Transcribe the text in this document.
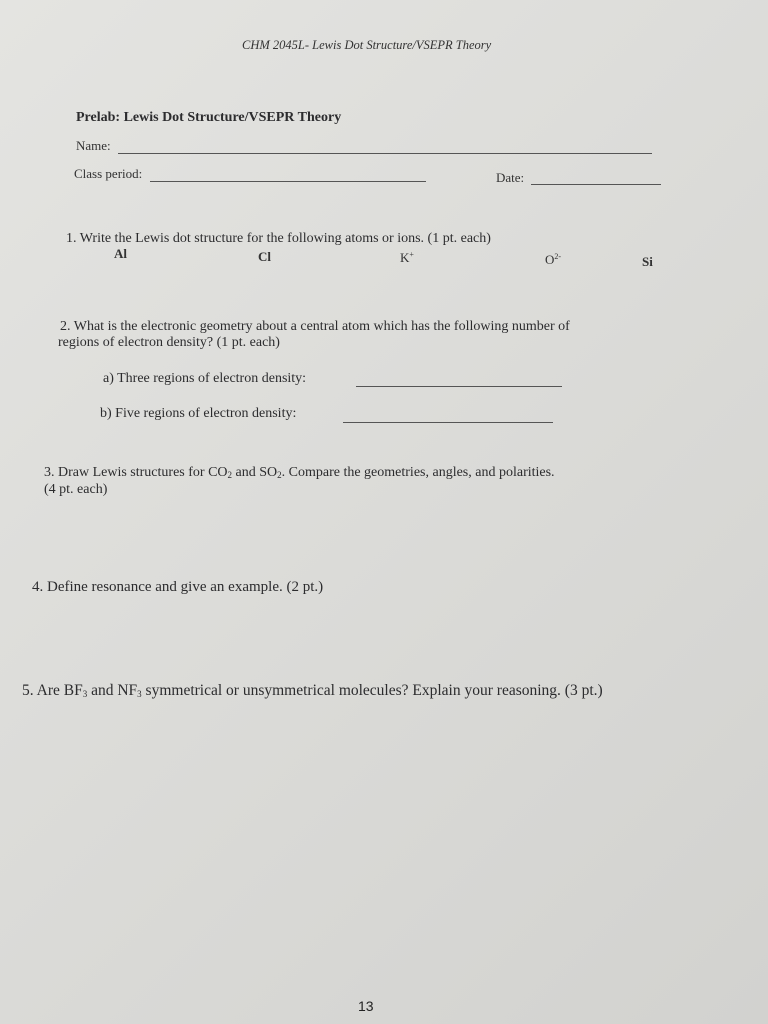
CHM 2045L- Lewis Dot Structure/VSEPR Theory
Prelab: Lewis Dot Structure/VSEPR Theory
Name:
Class period:	Date:
1. Write the Lewis dot structure for the following atoms or ions. (1 pt. each)
Al	Cl	K+	$O^{2-}$	Si
2. What is the electronic geometry about a central atom which has the following number of
regions of electron density? (1 pt. each)
a) Three regions of electron density:
b) Five regions of electron density:
3. Draw Lewis structures for $CO_2$ and $SO_2$. Compare the geometries, angles, and polarities.
(4 pt. each)
4. Define resonance and give an example. (2 pt.)
5. Are $BF_3$ and $NF_3$ symmetrical or unsymmetrical molecules? Explain your reasoning. (3 pt.)
13
